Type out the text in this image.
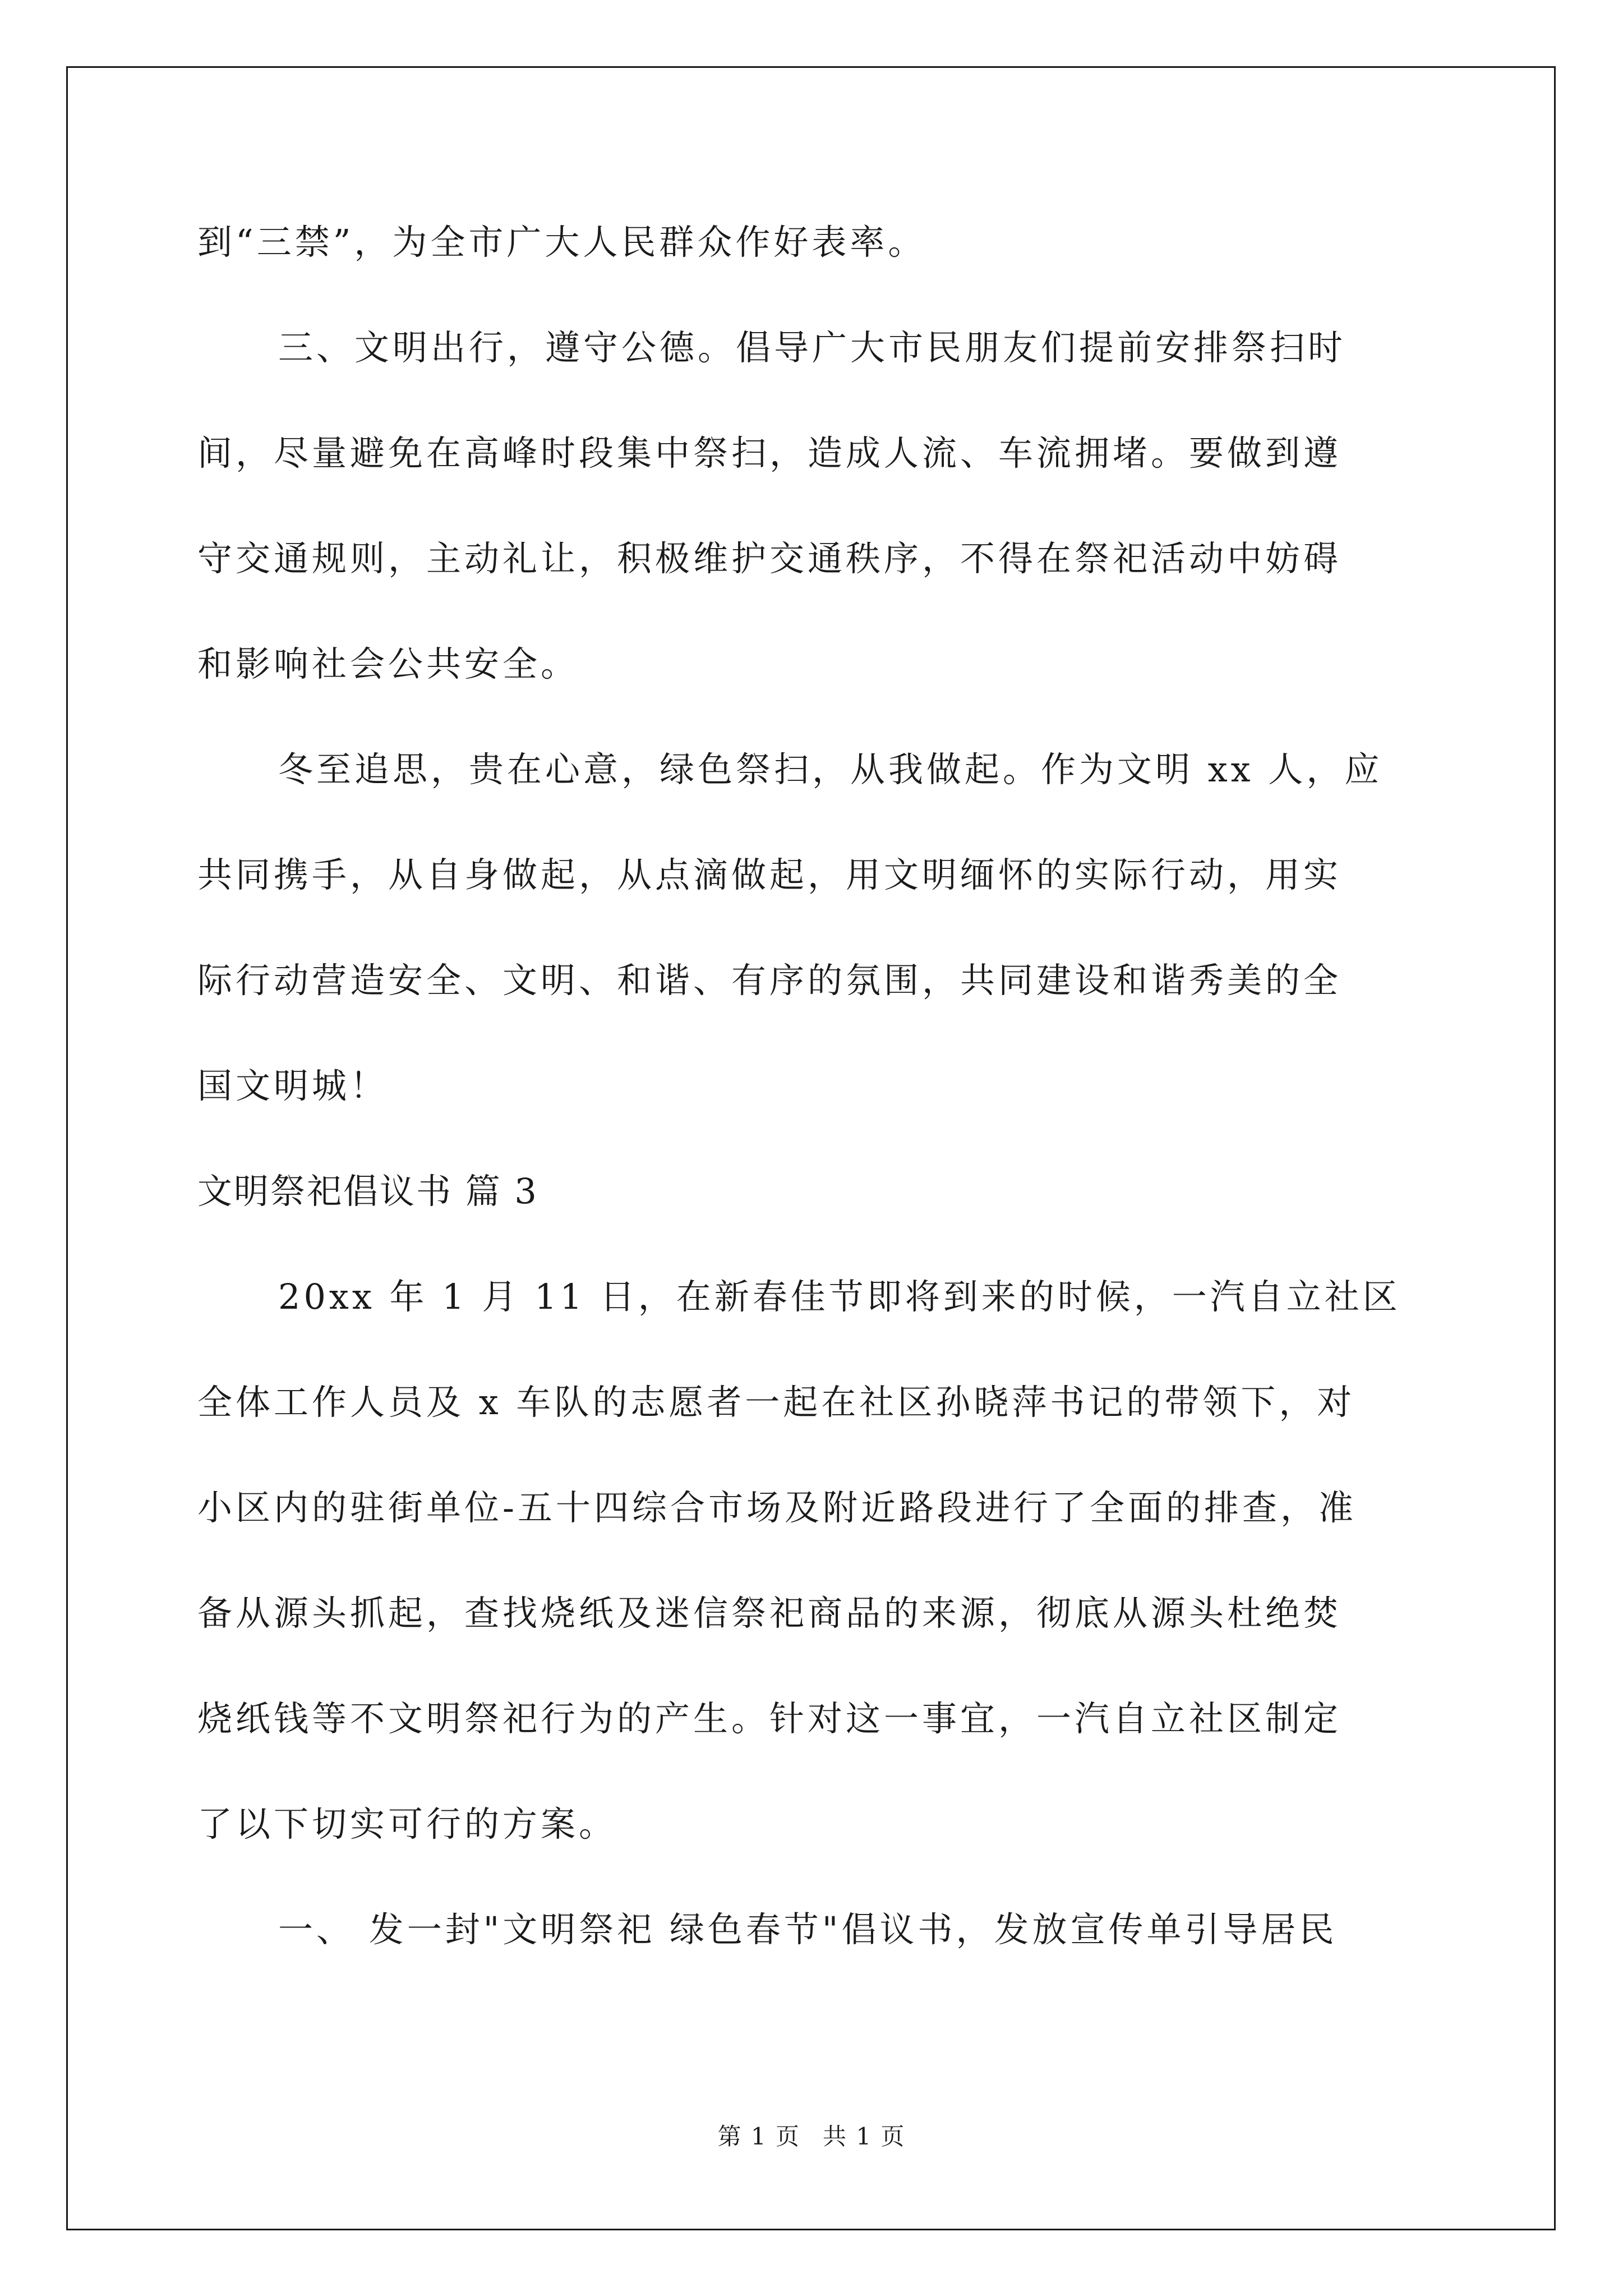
到“三禁”，为全市广大人民群众作好表率。
三、文明出行，遵守公德。倡导广大市民朋友们提前安排祭扫时
间，尽量避免在高峰时段集中祭扫，造成人流、车流拥堵。要做到遵
守交通规则，主动礼让，积极维护交通秩序，不得在祭祀活动中妨碍
和影响社会公共安全。
冬至追思，贵在心意，绿色祭扫，从我做起。作为文明 xx 人，应
共同携手，从自身做起，从点滴做起，用文明缅怀的实际行动，用实
际行动营造安全、文明、和谐、有序的氛围，共同建设和谐秀美的全
国文明城！
文明祭祀倡议书 篇 3
20xx 年 1 月 11 日，在新春佳节即将到来的时候，一汽自立社区
全体工作人员及 x 车队的志愿者一起在社区孙晓萍书记的带领下，对
小区内的驻街单位-五十四综合市场及附近路段进行了全面的排查，准
备从源头抓起，查找烧纸及迷信祭祀商品的来源，彻底从源头杜绝焚
烧纸钱等不文明祭祀行为的产生。针对这一事宜，一汽自立社区制定
了以下切实可行的方案。
一、 发一封"文明祭祀 绿色春节"倡议书，发放宣传单引导居民
第 1 页 共 1 页
